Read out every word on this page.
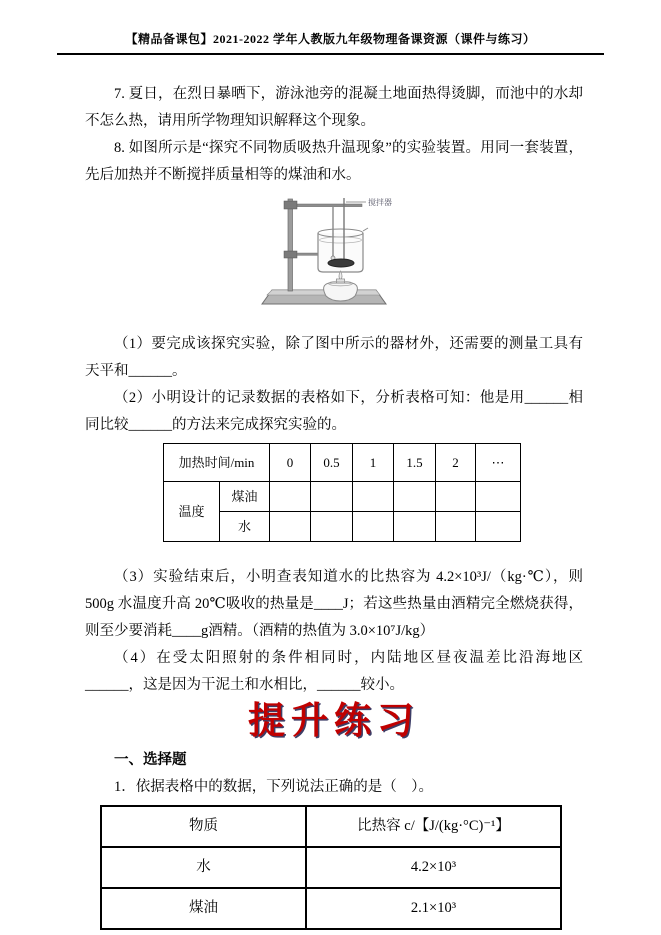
【精品备课包】2021-2022 学年人教版九年级物理备课资源（课件与练习）

7. 夏日，在烈日暴晒下，游泳池旁的混凝土地面热得烫脚，而池中的水却不怎么热，请用所学物理知识解释这个现象。

8. 如图所示是“探究不同物质吸热升温现象”的实验装置。用同一套装置，先后加热并不断搅拌质量相等的煤油和水。

搅拌器

（1）要完成该探究实验，除了图中所示的器材外，还需要的测量工具有天平和______。

（2）小明设计的记录数据的表格如下，分析表格可知：他是用______相同比较______的方法来完成探究实验的。

加热时间/min		0	0.5	1	1.5	2	⋯
温度	煤油						
	水						

（3）实验结束后，小明查表知道水的比热容为 4.2×10³J/（kg·℃），则 500g 水温度升高 20℃吸收的热量是____J；若这些热量由酒精完全燃烧获得，则至少要消耗____g酒精。（酒精的热值为 3.0×10⁷J/kg）

（4）在受太阳照射的条件相同时，内陆地区昼夜温差比沿海地区______，这是因为干泥土和水相比，______较小。

提升练习

一、选择题

1．依据表格中的数据，下列说法正确的是（　）。

物质	比热容 c/【J/(kg·°C)⁻¹】
水	4.2×10³
煤油	2.1×10³
